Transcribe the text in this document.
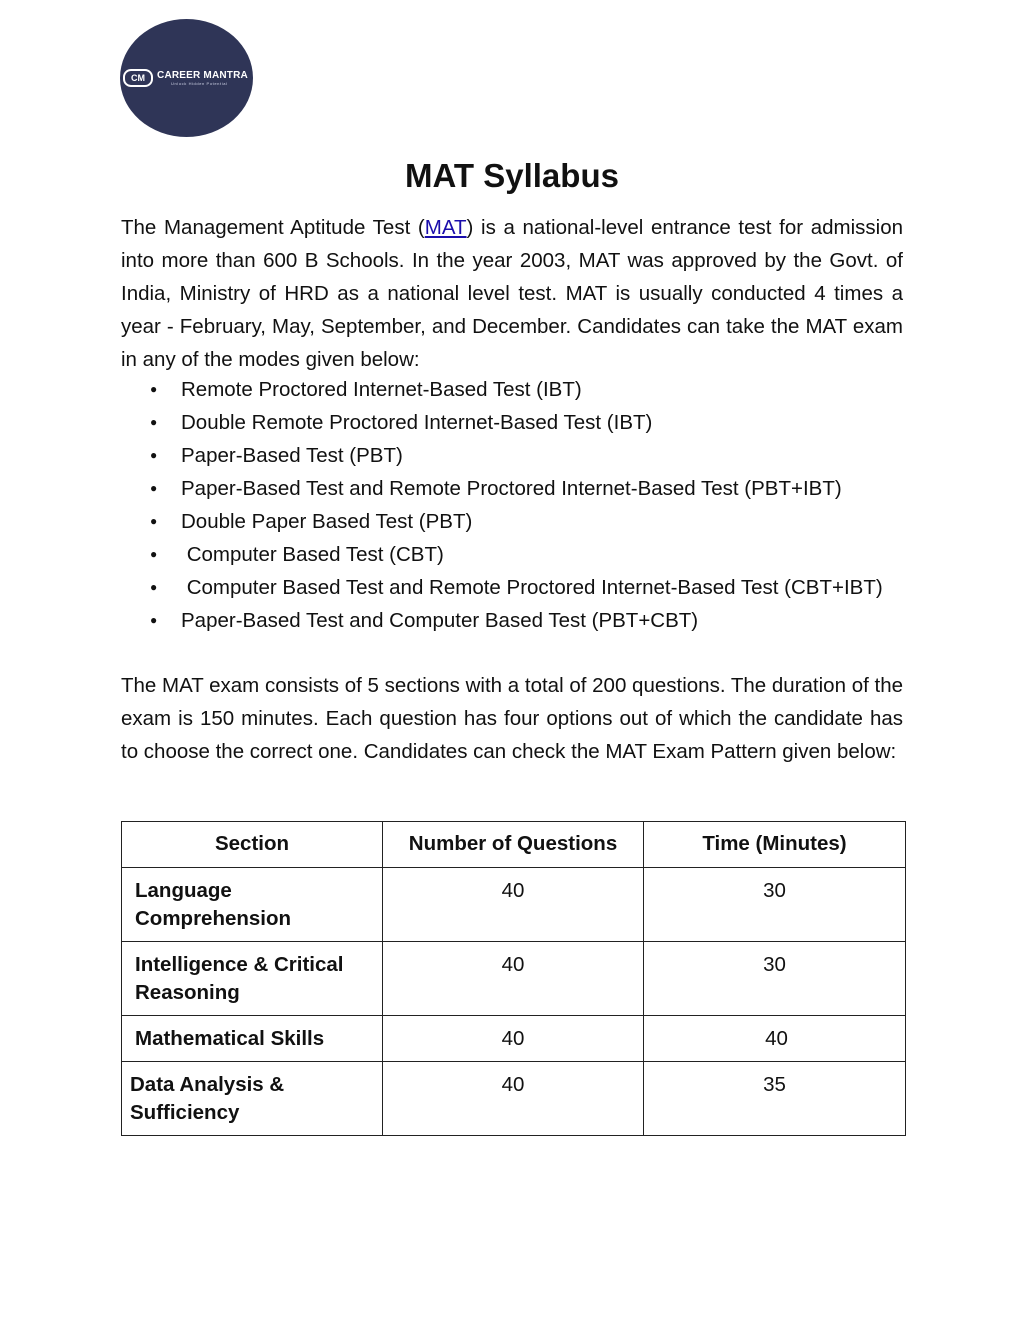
CM	CAREER MANTRA
Unlock Hidden Potential
MAT Syllabus

The Management Aptitude Test (MAT) is a national-level entrance test for admission into more than 600 B Schools. In the year 2003, MAT was approved by the Govt. of India, Ministry of HRD as a national level test. MAT is usually conducted 4 times a year - February, May, September, and December. Candidates can take the MAT exam in any of the modes given below:

●	Remote Proctored Internet-Based Test (IBT)
●	Double Remote Proctored Internet-Based Test (IBT)
●	Paper-Based Test (PBT)
●	Paper-Based Test and Remote Proctored Internet-Based Test (PBT+IBT)
●	Double Paper Based Test (PBT)
●	Computer Based Test (CBT)
●	Computer Based Test and Remote Proctored Internet-Based Test (CBT+IBT)
●	Paper-Based Test and Computer Based Test (PBT+CBT)

The MAT exam consists of 5 sections with a total of 200 questions. The duration of the exam is 150 minutes. Each question has four options out of which the candidate has to choose the correct one. Candidates can check the MAT Exam Pattern given below:

Section	Number of Questions	Time (Minutes)
Language Comprehension	40	30
Intelligence & Critical Reasoning	40	30
Mathematical Skills	40	40
Data Analysis & Sufficiency	40	35
